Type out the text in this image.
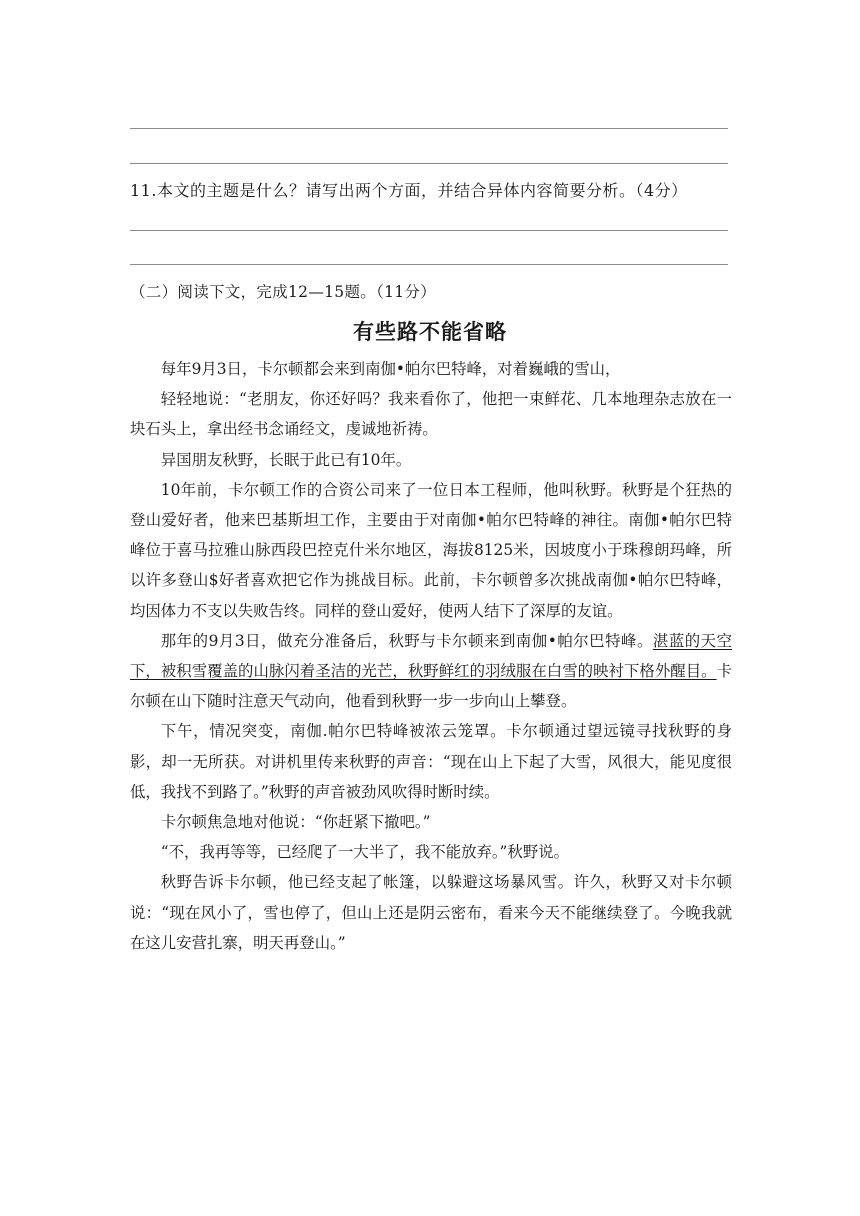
11.本文的主题是什么？请写出两个方面，并结合异体内容简要分析。（4分）
（二）阅读下文，完成12—15题。（11分）
有些路不能省略

每年9月3日，卡尔顿都会来到南伽•帕尔巴特峰，对着巍峨的雪山，

轻轻地说：“老朋友，你还好吗？我来看你了，他把一束鲜花、几本地理杂志放在一块石头上，拿出经书念诵经文，虔诚地祈祷。

异国朋友秋野，长眠于此已有10年。

10年前，卡尔顿工作的合资公司来了一位日本工程师，他叫秋野。秋野是个狂热的登山爱好者，他来巴基斯坦工作，主要由于对南伽•帕尔巴特峰的神往。南伽•帕尔巴特峰位于喜马拉雅山脉西段巴控克什米尔地区，海拔8125米，因坡度小于珠穆朗玛峰，所以许多登山$好者喜欢把它作为挑战目标。此前，卡尔顿曾多次挑战南伽•帕尔巴特峰，均因体力不支以失败告终。同样的登山爱好，使两人结下了深厚的友谊。

那年的9月3日，做充分准备后，秋野与卡尔顿来到南伽•帕尔巴特峰。湛蓝的天空下，被积雪覆盖的山脉闪着圣洁的光芒，秋野鲜红的羽绒服在白雪的映衬下格外醒目。卡尔顿在山下随时注意天气动向，他看到秋野一步一步向山上攀登。

下午，情况突变，南伽.帕尔巴特峰被浓云笼罩。卡尔顿通过望远镜寻找秋野的身影，却一无所获。对讲机里传来秋野的声音：“现在山上下起了大雪，风很大，能见度很低，我找不到路了。”秋野的声音被劲风吹得时断时续。

卡尔顿焦急地对他说：“你赶紧下撤吧。”

“不，我再等等，已经爬了一大半了，我不能放弃。”秋野说。

秋野告诉卡尔顿，他已经支起了帐篷，以躲避这场暴风雪。许久，秋野又对卡尔顿说：“现在风小了，雪也停了，但山上还是阴云密布，看来今天不能继续登了。今晚我就在这儿安营扎寨，明天再登山。”
